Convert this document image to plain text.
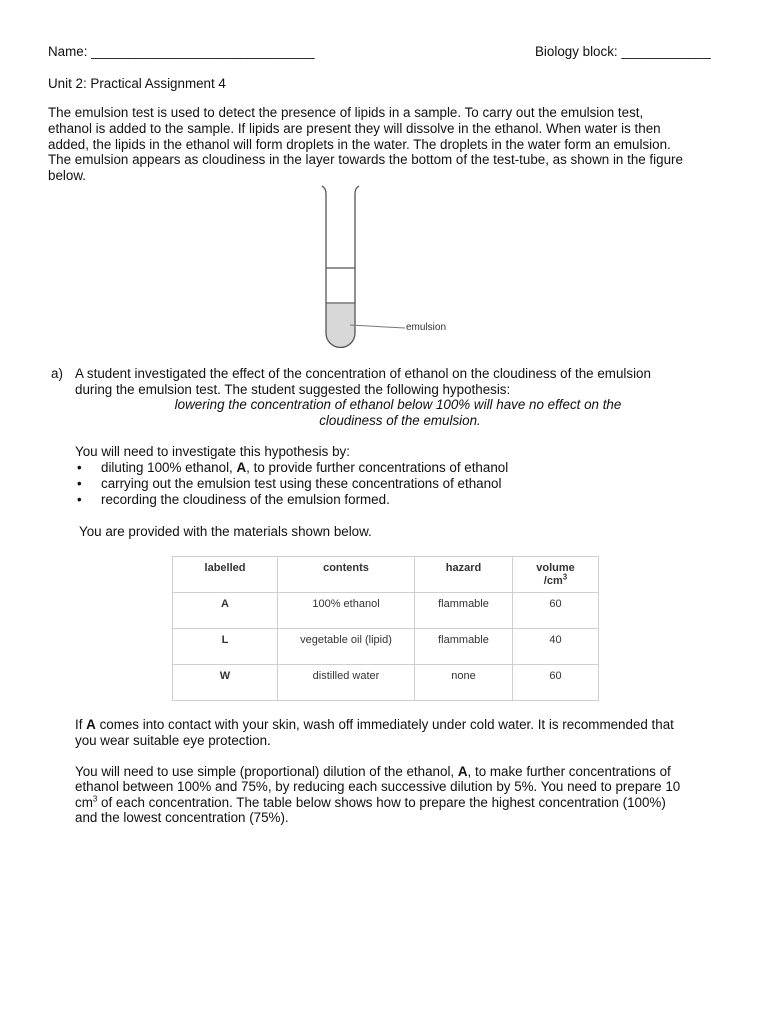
Name: ______________________________	Biology block: ____________
Unit 2: Practical Assignment 4
The emulsion test is used to detect the presence of lipids in a sample. To carry out the emulsion test,
ethanol is added to the sample. If lipids are present they will dissolve in the ethanol. When water is then
added, the lipids in the ethanol will form droplets in the water. The droplets in the water form an emulsion.
The emulsion appears as cloudiness in the layer towards the bottom of the test-tube, as shown in the figure
below.
emulsion
a) A student investigated the effect of the concentration of ethanol on the cloudiness of the emulsion
during the emulsion test. The student suggested the following hypothesis:
lowering the concentration of ethanol below 100% will have no effect on the
cloudiness of the emulsion.
You will need to investigate this hypothesis by:
• diluting 100% ethanol, A, to provide further concentrations of ethanol
• carrying out the emulsion test using these concentrations of ethanol
• recording the cloudiness of the emulsion formed.
You are provided with the materials shown below.
labelled	contents	hazard	volume
$/cm^3$
A	100% ethanol	flammable	60
L	vegetable oil (lipid)	flammable	40
W	distilled water	none	60
If A comes into contact with your skin, wash off immediately under cold water. It is recommended that
you wear suitable eye protection.
You will need to use simple (proportional) dilution of the ethanol, A, to make further concentrations of
ethanol between 100% and 75%, by reducing each successive dilution by 5%. You need to prepare 10
$cm^3$ of each concentration. The table below shows how to prepare the highest concentration (100%)
and the lowest concentration (75%).
